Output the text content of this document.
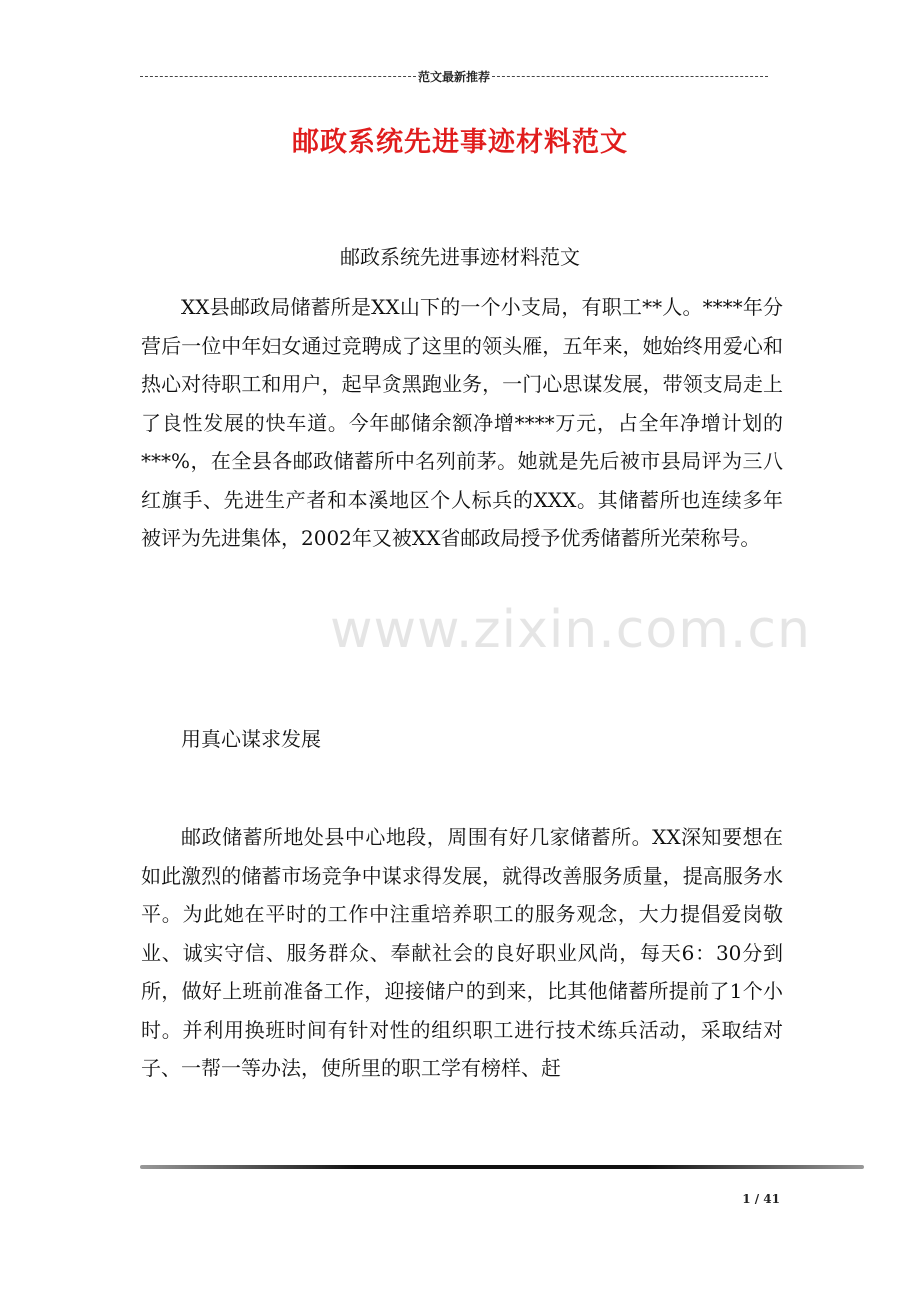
范文最新推荐
邮政系统先进事迹材料范文
邮政系统先进事迹材料范文

XX县邮政局储蓄所是XX山下的一个小支局，有职工**人。****年分营后一位中年妇女通过竞聘成了这里的领头雁，五年来，她始终用爱心和热心对待职工和用户，起早贪黑跑业务，一门心思谋发展，带领支局走上了良性发展的快车道。今年邮储余额净增****万元，占全年净增计划的***%，在全县各邮政储蓄所中名列前茅。她就是先后被市县局评为三八红旗手、先进生产者和本溪地区个人标兵的XXX。其储蓄所也连续多年被评为先进集体，2002年又被XX省邮政局授予优秀储蓄所光荣称号。

用真心谋求发展

邮政储蓄所地处县中心地段，周围有好几家储蓄所。XX深知要想在如此激烈的储蓄市场竞争中谋求得发展，就得改善服务质量，提高服务水平。为此她在平时的工作中注重培养职工的服务观念，大力提倡爱岗敬业、诚实守信、服务群众、奉献社会的良好职业风尚，每天6：30分到所，做好上班前准备工作，迎接储户的到来，比其他储蓄所提前了1个小时。并利用换班时间有针对性的组织职工进行技术练兵活动，采取结对子、一帮一等办法，使所里的职工学有榜样、赶

www.zixin.com.cn
1 / 41
